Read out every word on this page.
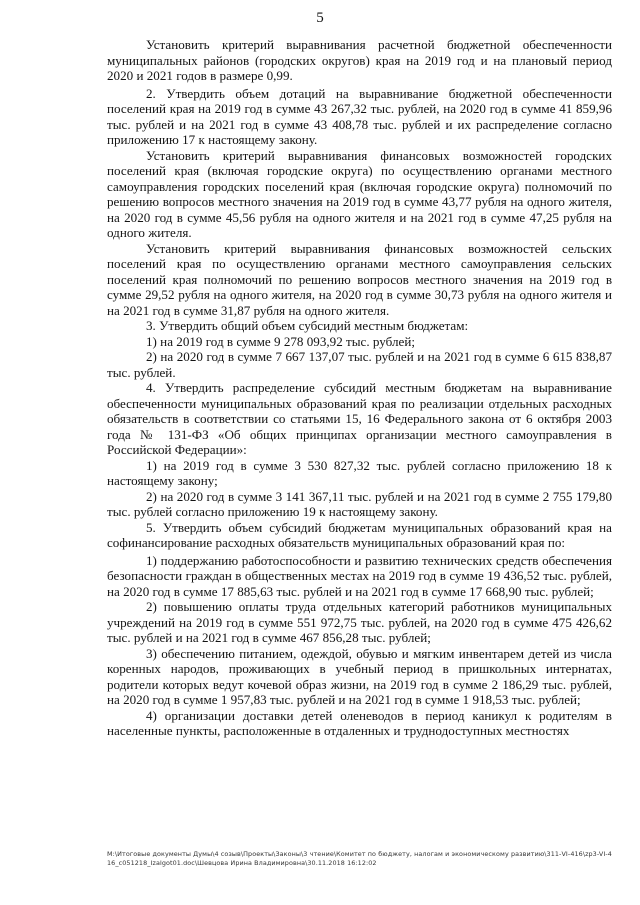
5

Установить критерий выравнивания расчетной бюджетной обеспеченности муниципальных районов (городских округов) края на 2019 год и на плановый период 2020 и 2021 годов в размере 0,99.

2. Утвердить объем дотаций на выравнивание бюджетной обеспеченности поселений края на 2019 год в сумме 43 267,32 тыс. рублей, на 2020 год в сумме 41 859,96 тыс. рублей и на 2021 год в сумме 43 408,78 тыс. рублей и их распределение согласно приложению 17 к настоящему закону.

Установить критерий выравнивания финансовых возможностей городских поселений края (включая городские округа) по осуществлению органами местного самоуправления городских поселений края (включая городские округа) полномочий по решению вопросов местного значения на 2019 год в сумме 43,77 рубля на одного жителя, на 2020 год в сумме 45,56 рубля на одного жителя и на 2021 год в сумме 47,25 рубля на одного жителя.

Установить критерий выравнивания финансовых возможностей сельских поселений края по осуществлению органами местного самоуправления сельских поселений края полномочий по решению вопросов местного значения на 2019 год в сумме 29,52 рубля на одного жителя, на 2020 год в сумме 30,73 рубля на одного жителя и на 2021 год в сумме 31,87 рубля на одного жителя.

3. Утвердить общий объем субсидий местным бюджетам:

1) на 2019 год в сумме 9 278 093,92 тыс. рублей;

2) на 2020 год в сумме 7 667 137,07 тыс. рублей и на 2021 год в сумме 6 615 838,87 тыс. рублей.

4. Утвердить распределение субсидий местным бюджетам на выравнивание обеспеченности муниципальных образований края по реализации отдельных расходных обязательств в соответствии со статьями 15, 16 Федерального закона от 6 октября 2003 года № 131-ФЗ «Об общих принципах организации местного самоуправления в Российской Федерации»:

1) на 2019 год в сумме 3 530 827,32 тыс. рублей согласно приложению 18 к настоящему закону;

2) на 2020 год в сумме 3 141 367,11 тыс. рублей и на 2021 год в сумме 2 755 179,80 тыс. рублей согласно приложению 19 к настоящему закону.

5. Утвердить объем субсидий бюджетам муниципальных образований края на софинансирование расходных обязательств муниципальных образований края по:

1) поддержанию работоспособности и развитию технических средств обеспечения безопасности граждан в общественных местах на 2019 год в сумме 19 436,52 тыс. рублей, на 2020 год в сумме 17 885,63 тыс. рублей и на 2021 год в сумме 17 668,90 тыс. рублей;

2) повышению оплаты труда отдельных категорий работников муниципальных учреждений на 2019 год в сумме 551 972,75 тыс. рублей, на 2020 год в сумме 475 426,62 тыс. рублей и на 2021 год в сумме 467 856,28 тыс. рублей;

3) обеспечению питанием, одеждой, обувью и мягким инвентарем детей из числа коренных народов, проживающих в учебный период в пришкольных интернатах, родители которых ведут кочевой образ жизни, на 2019 год в сумме 2 186,29 тыс. рублей, на 2020 год в сумме 1 957,83 тыс. рублей и на 2021 год в сумме 1 918,53 тыс. рублей;

4) организации доставки детей оленеводов в период каникул к родителям в населенные пункты, расположенные в отдаленных и труднодоступных местностях

M:\Итоговые документы Думы\4 созыв\Проекты\Законы\3 чтение\Комитет по бюджету, налогам и экономическому развитию\311-VI-416\zp3-VI-416_с051218_Izalgot01.doc\Шевцова Ирина Владимировна\30.11.2018 16:12:02
